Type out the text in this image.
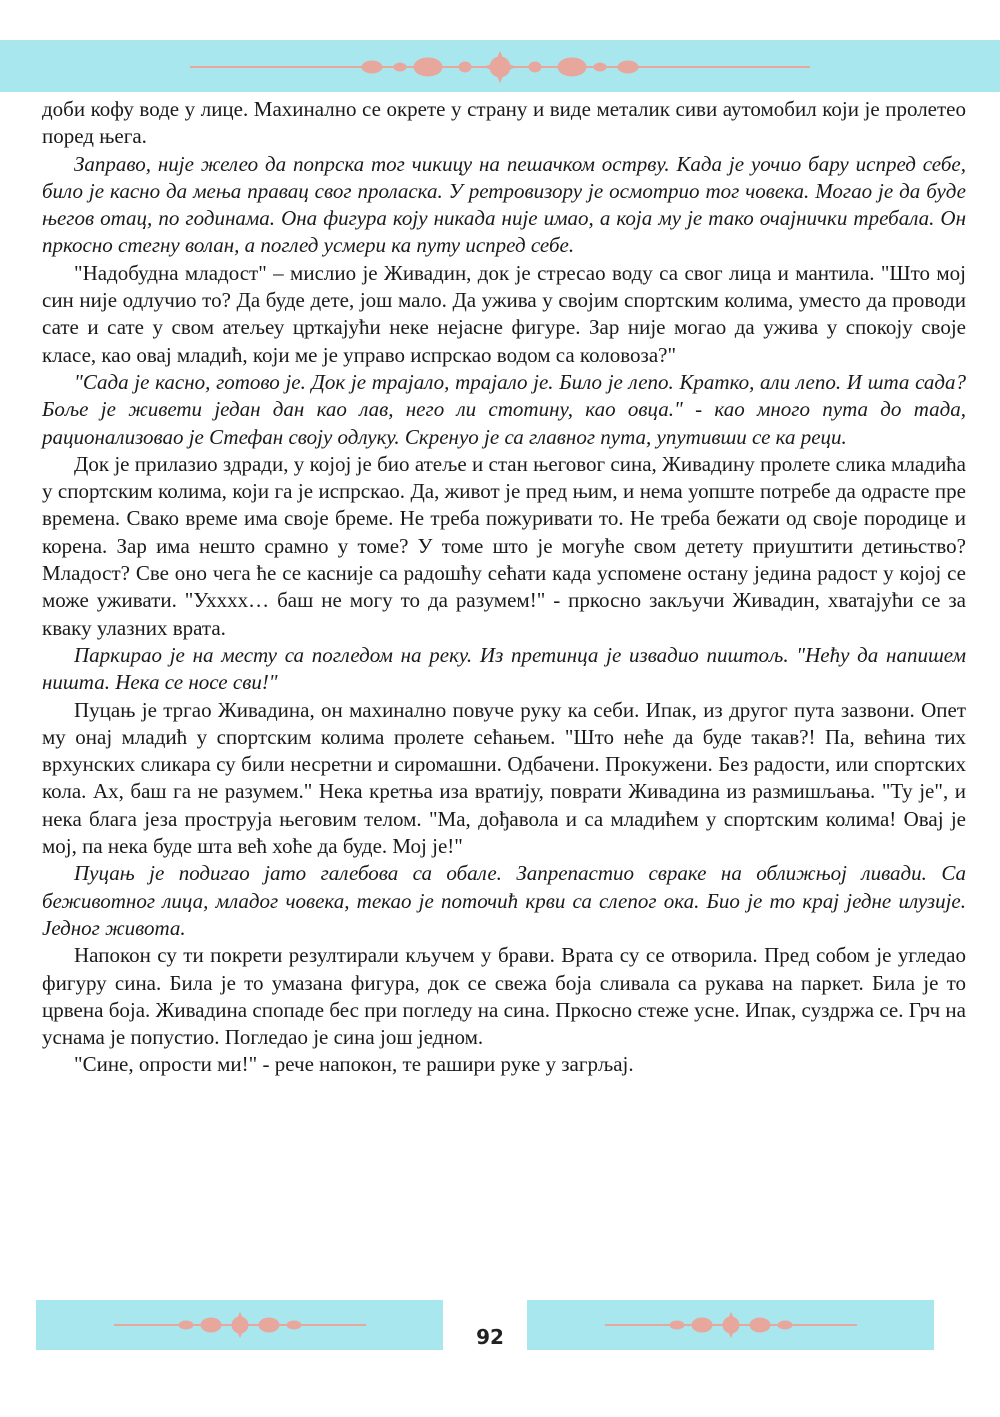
доби кофу воде у лице. Махинално се окрете у страну и виде металик сиви аутомобил који је пролетео поред њега.

Заправо, није желео да попрска тог чикицу на пешачком острву. Када је уочио бару испред себе, било је касно да мења правац свог проласка. У ретровизору је осмотрио тог човека. Могао је да буде његов отац, по годинама. Она фигура коју никада није имао, а која му је тако очајнички требала. Он пркосно стегну волан, а поглед усмери ка путу испред себе.

"Надобудна младост" – мислио је Живадин, док је стресао воду са свог лица и мантила. "Што мој син није одлучио то? Да буде дете, још мало. Да ужива у својим спортским колима, уместо да проводи сате и сате у свом атељеу црткајући неке нејасне фигуре. Зар није могао да ужива у спокоју своје класе, као овај младић, који ме је управо испрскао водом са коловоза?"

"Сада је касно, готово је. Док је трајало, трајало је. Било је лепо. Кратко, али лепо. И шта сада? Боље је живети један дан као лав, него ли стотину, као овца." - као много пута до тада, рационализовао је Стефан своју одлуку. Скренуо је са главног пута, упутивши се ка реци.

Док је прилазио здради, у којој је био атеље и стан његовог сина, Живадину пролете слика младића у спортским колима, који га је испрскао. Да, живот је пред њим, и нема уопште потребе да одрасте пре времена. Свако време има своје бреме. Не треба пожуривати то. Не треба бежати од своје породице и корена. Зар има нешто срамно у томе? У томе што је могуће свом детету приуштити детињство? Младост? Све оно чега ће се касније са радошћу сећати када успомене остану једина радост у којој се може уживати. "Ухххх… баш не могу то да разумем!" - пркосно закључи Живадин, хватајући се за кваку улазних врата.

Паркирао је на месту са погледом на реку. Из претинца је извадио пиштољ. "Нећу да напишем ништа. Нека се носе сви!"

Пуцањ је тргао Живадина, он махинално повуче руку ка себи. Ипак, из другог пута зазвони. Опет му онај младић у спортским колима пролете сећањем. "Што неће да буде такав?! Па, већина тих врхунских сликара су били несретни и сиромашни. Одбачени. Прокужени. Без радости, или спортских кола. Ах, баш га не разумем." Нека кретња иза вратију, поврати Живадина из размишљања. "Ту је", и нека блага језа проструја његовим телом. "Ма, дођавола и са младићем у спортским колима! Овај је мој, па нека буде шта већ хоће да буде. Мој је!"

Пуцањ је подигао јато галебова са обале. Запрепастио свраке на оближњој ливади. Са беживотног лица, младог човека, текао је поточић крви са слепог ока. Био је то крај једне илузије. Једног живота.

Напокон су ти покрети резултирали кључем у брави. Врата су се отворила. Пред собом је угледао фигуру сина. Била је то умазана фигура, док се свежа боја сливала са рукава на паркет. Била је то црвена боја. Живадина спопаде бес при погледу на сина. Пркосно стеже усне. Ипак, суздржа се. Грч на уснама је попустио. Погледао је сина још једном.

"Сине, опрости ми!" - рече напокон, те рашири руке у загрљај.

92
